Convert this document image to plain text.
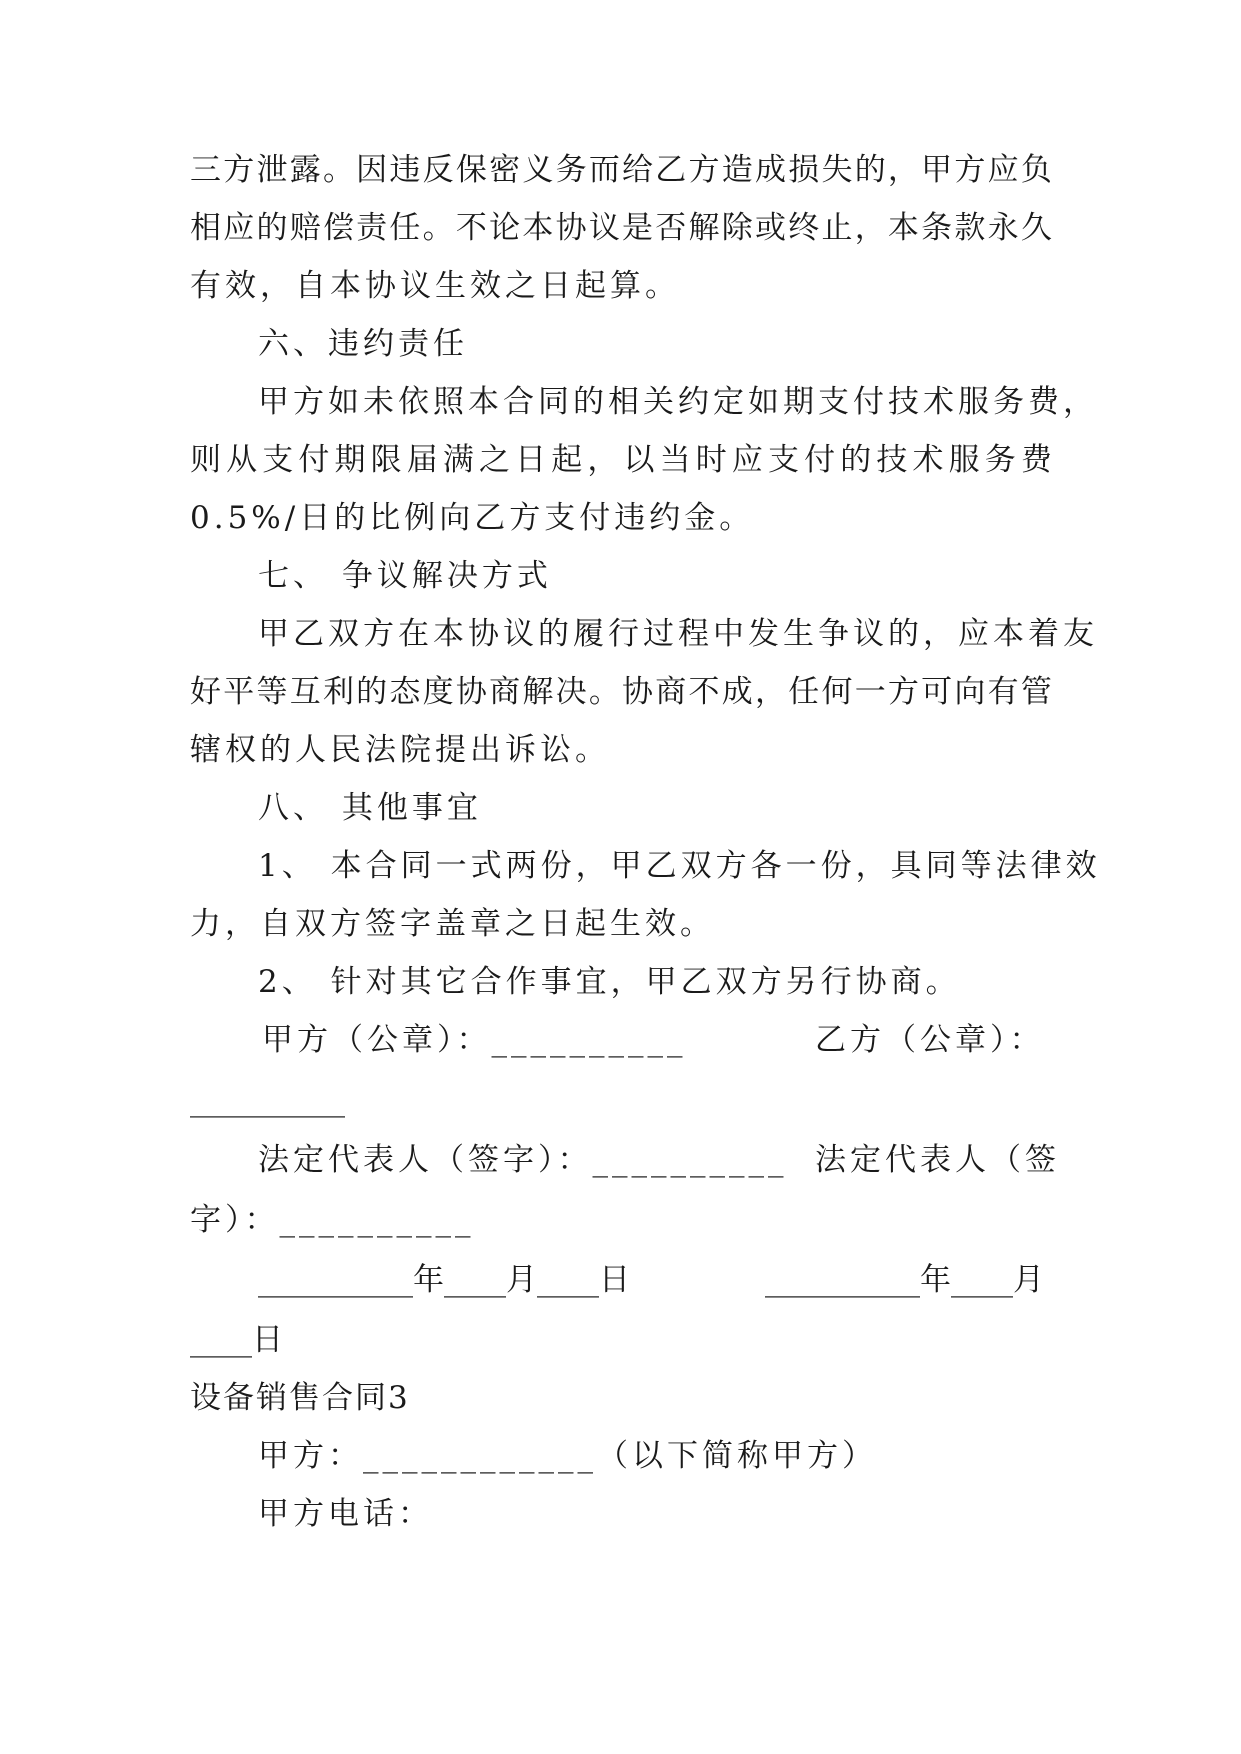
三 方 泄 露 。 因 违 反 保 密 义 务 而 给 乙 方 造 成 损 失 的 ， 甲 方 应 负
相 应 的 赔 偿 责 任 。 不 论 本 协 议 是 否 解 除 或 终 止 ， 本 条 款 永 久
有效，自本协议生效之日起算。
六、违约责任
甲方如未依照本合同的相关约定如期支付技术服务费，
则 从 支 付 期 限 届 满 之 日 起 ， 以 当 时 应 支 付 的 技 术 服 务 费
0.5%/日的比例向乙方支付违约金。
七、 争议解决方式
甲乙双方在本协议的履行过程中发生争议的，应本着友
好 平 等 互 利 的 态 度 协 商 解 决 。 协 商 不 成 ， 任 何 一 方 可 向 有 管
辖权的人民法院提出诉讼。
八、 其他事宜
1、 本合同一式两份，甲乙双方各一份，具同等法律效
力，自双方签字盖章之日起生效。
2、 针对其它合作事宜，甲乙双方另行协商。
甲方（公章）：__________	乙方（公章）：
__________
法定代表人（签字）：__________ 法定代表人（签
字）：__________
__________年____月____日	__________年____月
____日
设备销售合同3
甲方：____________（以下简称甲方）
甲方电话：
